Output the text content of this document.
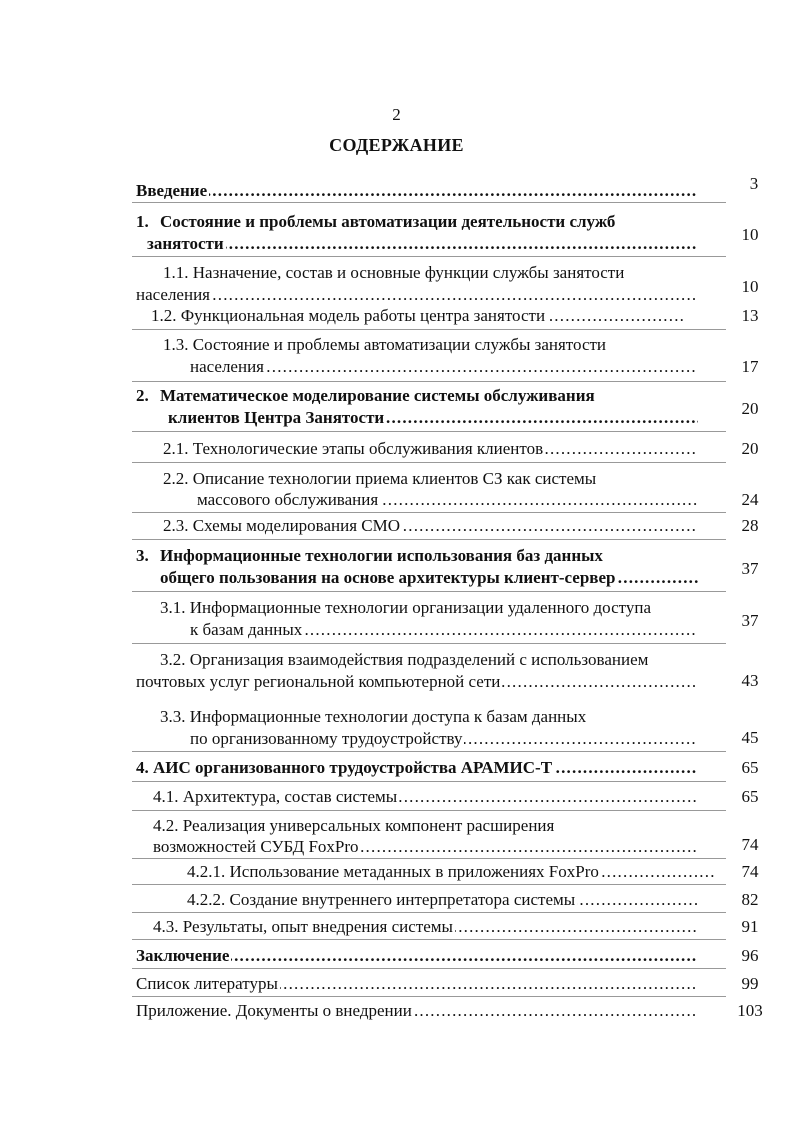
2
СОДЕРЖАНИЕ
Введение .....	3
1. Состояние и проблемы автоматизации деятельности служб
занятости .....	10
1.1. Назначение, состав и основные функции службы занятости
населения .....	10
1.2. Функциональная модель работы центра занятости .....	13
1.3. Состояние и проблемы автоматизации службы занятости
населения .....	17
2. Математическое моделирование системы обслуживания
клиентов Центра Занятости .....	20
2.1. Технологические этапы обслуживания клиентов .....	20
2.2. Описание технологии приема клиентов СЗ как системы
массового обслуживания .....	24
2.3. Схемы моделирования СМО .....	28
3. Информационные технологии использования баз данных
общего пользования на основе архитектуры клиент-сервер .....	37
3.1. Информационные технологии организации удаленного доступа
к базам данных .....	37
3.2. Организация взаимодействия подразделений с использованием
почтовых услуг региональной компьютерной сети .....	43
3.3. Информационные технологии доступа к базам данных
по организованному трудоустройству .....	45
4. АИС организованного трудоустройства АРАМИС-Т .....	65
4.1. Архитектура, состав системы .....	65
4.2. Реализация универсальных компонент расширения
возможностей СУБД FoxPro .....	74
4.2.1. Использование метаданных в приложениях FoxPro .....	74
4.2.2. Создание внутреннего интерпретатора системы .....	82
4.3. Результаты, опыт внедрения системы .....	91
Заключение .....	96
Список литературы .....	99
Приложение. Документы о внедрении .....	103
